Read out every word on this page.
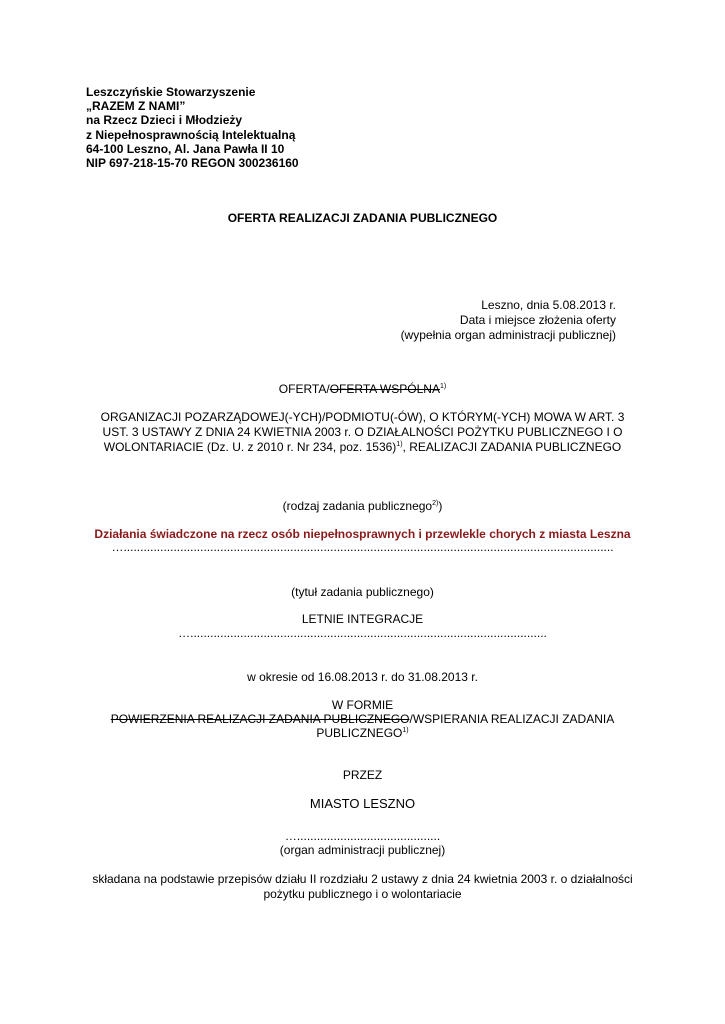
Leszczyńskie Stowarzyszenie
„RAZEM Z NAMI”
na Rzecz Dzieci i Młodzieży
z Niepełnosprawnością Intelektualną
64-100 Leszno, Al. Jana Pawła II 10
NIP 697-218-15-70 REGON 300236160
OFERTA REALIZACJI ZADANIA PUBLICZNEGO
Leszno, dnia 5.08.2013 r.
Data i miejsce złożenia oferty
(wypełnia organ administracji publicznej)
OFERTA/OFERTA WSPÓLNA$^{1)}$
ORGANIZACJI POZARZĄDOWEJ(-YCH)/PODMIOTU(-ÓW), O KTÓRYM(-YCH) MOWA W ART. 3
UST. 3 USTAWY Z DNIA 24 KWIETNIA 2003 r. O DZIAŁALNOŚCI POŻYTKU PUBLICZNEGO I O
WOLONTARIACIE (Dz. U. z 2010 r. Nr 234, poz. 1536)$^{1)}$, REALIZACJI ZADANIA PUBLICZNEGO
(rodzaj zadania publicznego$^{2)}$)
Działania świadczone na rzecz osób niepełnosprawnych i przewlekle chorych z miasta Leszna
…...................................................................................................................................................
(tytuł zadania publicznego)
LETNIE INTEGRACJE
…...........................................................................................................
w okresie od 16.08.2013 r. do 31.08.2013 r.
W FORMIE
POWIERZENIA REALIZACJI ZADANIA PUBLICZNEGO/WSPIERANIA REALIZACJI ZADANIA
PUBLICZNEGO$^{1)}$
PRZEZ
MIASTO LESZNO
…...........................................
(organ administracji publicznej)
składana na podstawie przepisów działu II rozdziału 2 ustawy z dnia 24 kwietnia 2003 r. o działalności
pożytku publicznego i o wolontariacie
